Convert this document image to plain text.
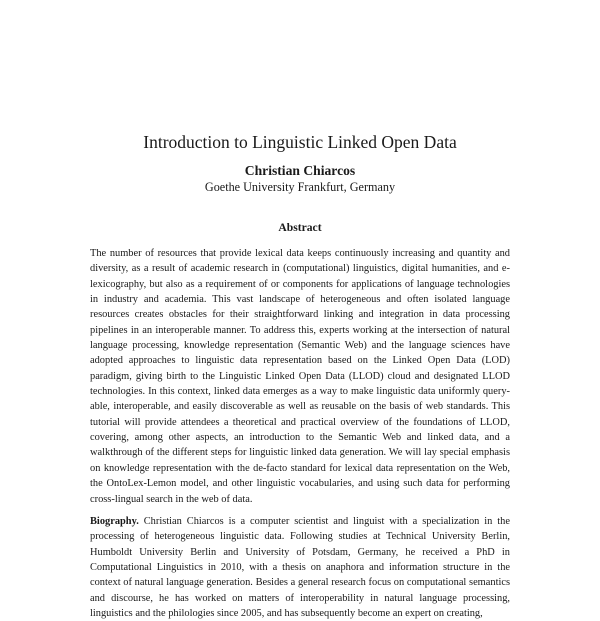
Introduction to Linguistic Linked Open Data
Christian Chiarcos
Goethe University Frankfurt, Germany
Abstract

The number of resources that provide lexical data keeps continuously increasing and quantity and diversity, as a result of academic research in (computational) linguistics, digital humanities, and e-lexicography, but also as a requirement of or components for applications of language technologies in industry and academia. This vast landscape of heterogeneous and often isolated language resources creates obstacles for their straightforward linking and integration in data processing pipelines in an interoperable manner. To address this, experts working at the intersection of natural language processing, knowledge representation (Semantic Web) and the language sciences have adopted approaches to linguistic data representation based on the Linked Open Data (LOD) paradigm, giving birth to the Linguistic Linked Open Data (LLOD) cloud and designated LLOD technologies. In this context, linked data emerges as a way to make linguistic data uniformly query-able, interoperable, and easily discoverable as well as reusable on the basis of web standards. This tutorial will provide attendees a theoretical and practical overview of the foundations of LLOD, covering, among other aspects, an introduction to the Semantic Web and linked data, and a walkthrough of the different steps for linguistic linked data generation. We will lay special emphasis on knowledge representation with the de-facto standard for lexical data representation on the Web, the OntoLex-Lemon model, and other linguistic vocabularies, and using such data for performing cross-lingual search in the web of data.

Biography. Christian Chiarcos is a computer scientist and linguist with a specialization in the processing of heterogeneous linguistic data. Following studies at Technical University Berlin, Humboldt University Berlin and University of Potsdam, Germany, he received a PhD in Computational Linguistics in 2010, with a thesis on anaphora and information structure in the context of natural language generation. Besides a general research focus on computational semantics and discourse, he has worked on matters of interoperability in natural language processing, linguistics and the philologies since 2005, and has subsequently become an expert on creating,
